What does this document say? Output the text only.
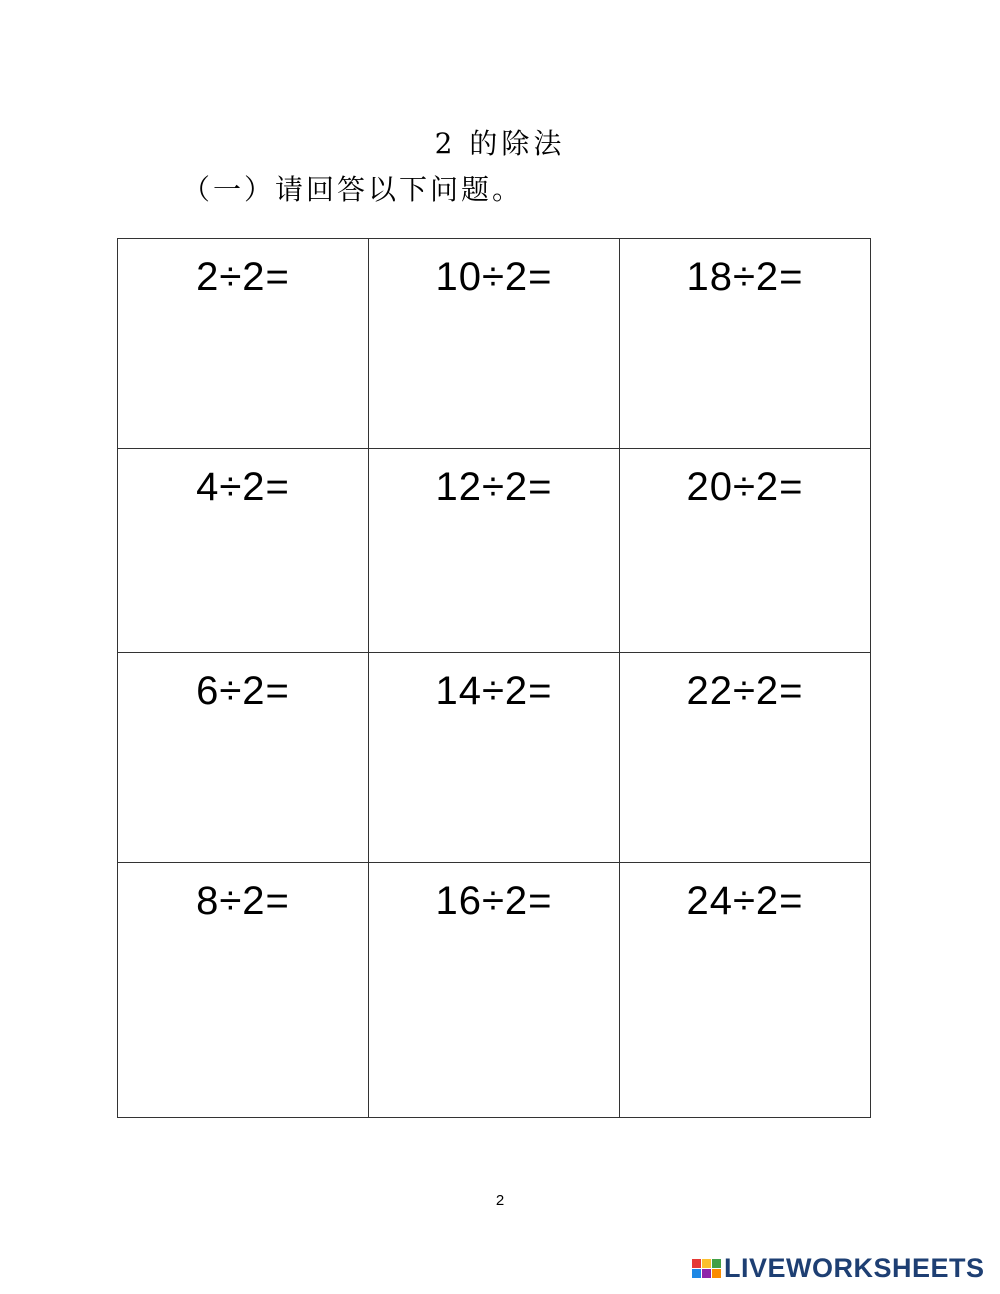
2 的除法
（一）请回答以下问题。
2÷2=	10÷2=	18÷2=

4÷2=	12÷2=	20÷2=

6÷2=	14÷2=	22÷2=

8÷2=	16÷2=	24÷2=
2
LIVEWORKSHEETS
